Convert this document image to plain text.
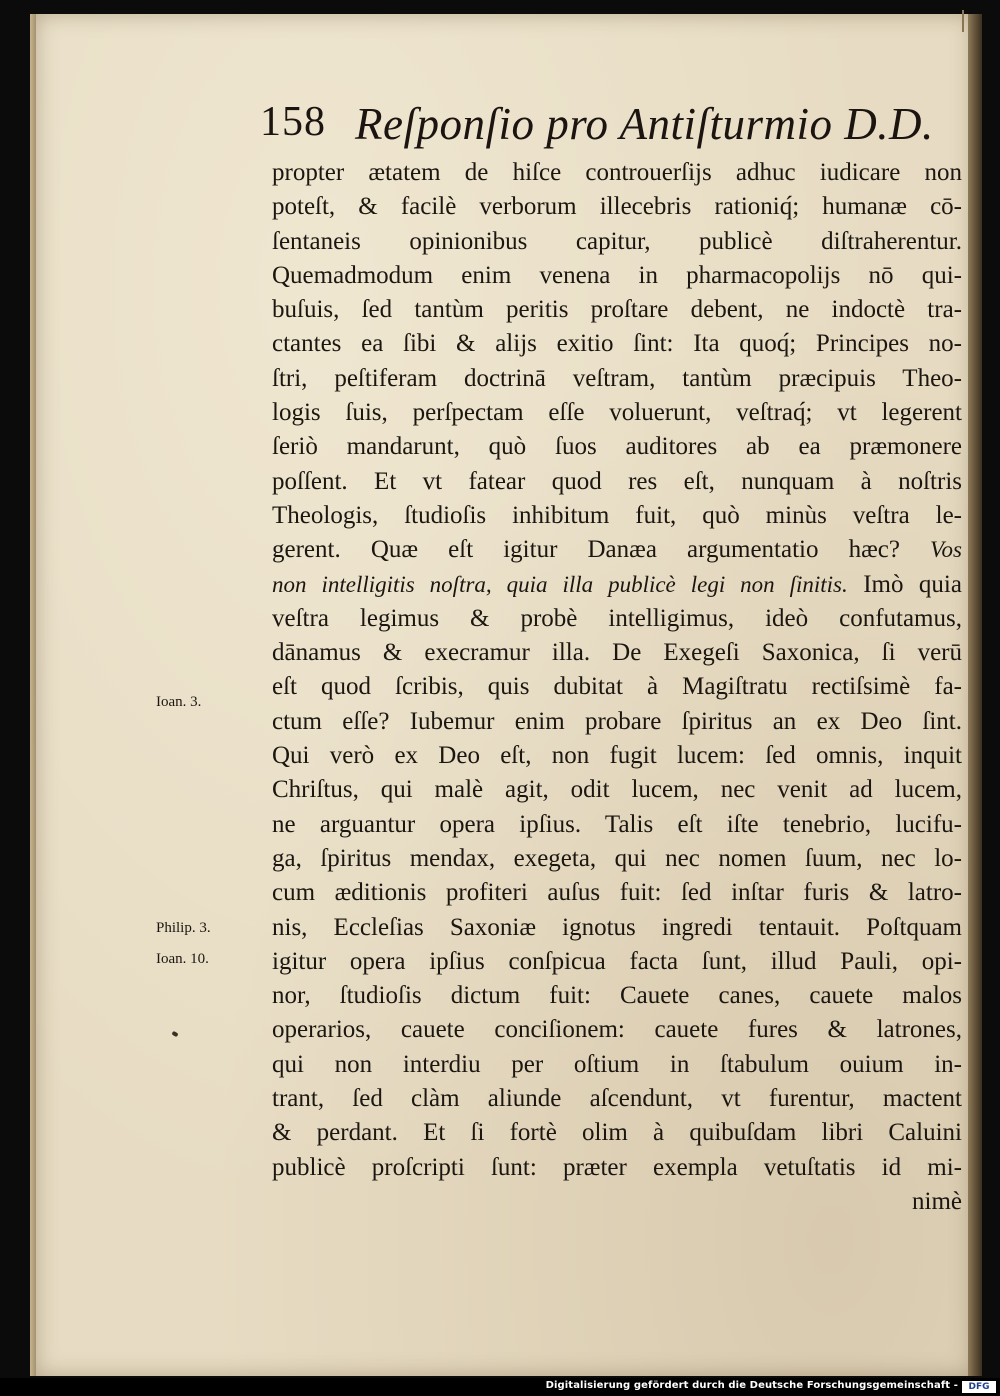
158 Reſponſio pro Antiſturmio D.D.
propter ætatem de hiſce controuerſijs adhuc iudicare non
poteſt, & facilè verborum illecebris rationiq́; humanæ cō-
ſentaneis opinionibus capitur, publicè diſtraherentur.
Quemadmodum enim venena in pharmacopolijs nō qui-
buſuis, ſed tantùm peritis proſtare debent, ne indoctè tra-
ctantes ea ſibi & alijs exitio ſint: Ita quoq́; Principes no-
ſtri, peſtiferam doctrinā veſtram, tantùm præcipuis Theo-
logis ſuis, perſpectam eſſe voluerunt, veſtraq́; vt legerent
ſeriò mandarunt, quò ſuos auditores ab ea præmonere
poſſent. Et vt fatear quod res eſt, nunquam à noſtris
Theologis, ſtudioſis inhibitum fuit, quò minùs veſtra le-
gerent. Quæ eſt igitur Danæa argumentatio hæc? Vos
non intelligitis noſtra, quia illa publicè legi non ſinitis. Imò quia
veſtra legimus & probè intelligimus, ideò confutamus,
dānamus & execramur illa. De Exegeſi Saxonica, ſi verū
eſt quod ſcribis, quis dubitat à Magiſtratu rectiſsimè fa-
ctum eſſe? Iubemur enim probare ſpiritus an ex Deo ſint.
Qui verò ex Deo eſt, non fugit lucem: ſed omnis, inquit
Chriſtus, qui malè agit, odit lucem, nec venit ad lucem,
ne arguantur opera ipſius. Talis eſt iſte tenebrio, lucifu-
ga, ſpiritus mendax, exegeta, qui nec nomen ſuum, nec lo-
cum æditionis profiteri auſus fuit: ſed inſtar furis & latro-
nis, Eccleſias Saxoniæ ignotus ingredi tentauit. Poſtquam
igitur opera ipſius conſpicua facta ſunt, illud Pauli, opi-
nor, ſtudioſis dictum fuit: Cauete canes, cauete malos
operarios, cauete conciſionem: cauete fures & latrones,
qui non interdiu per oſtium in ſtabulum ouium in-
trant, ſed clàm aliunde aſcendunt, vt furentur, mactent
& perdant. Et ſi fortè olim à quibuſdam libri Caluini
publicè proſcripti ſunt: præter exempla vetuſtatis id mi-
nimè
Ioan. 3.
Philip. 3.
Ioan. 10.
Digitalisierung gefördert durch die Deutsche Forschungsgemeinschaft -	DFG
